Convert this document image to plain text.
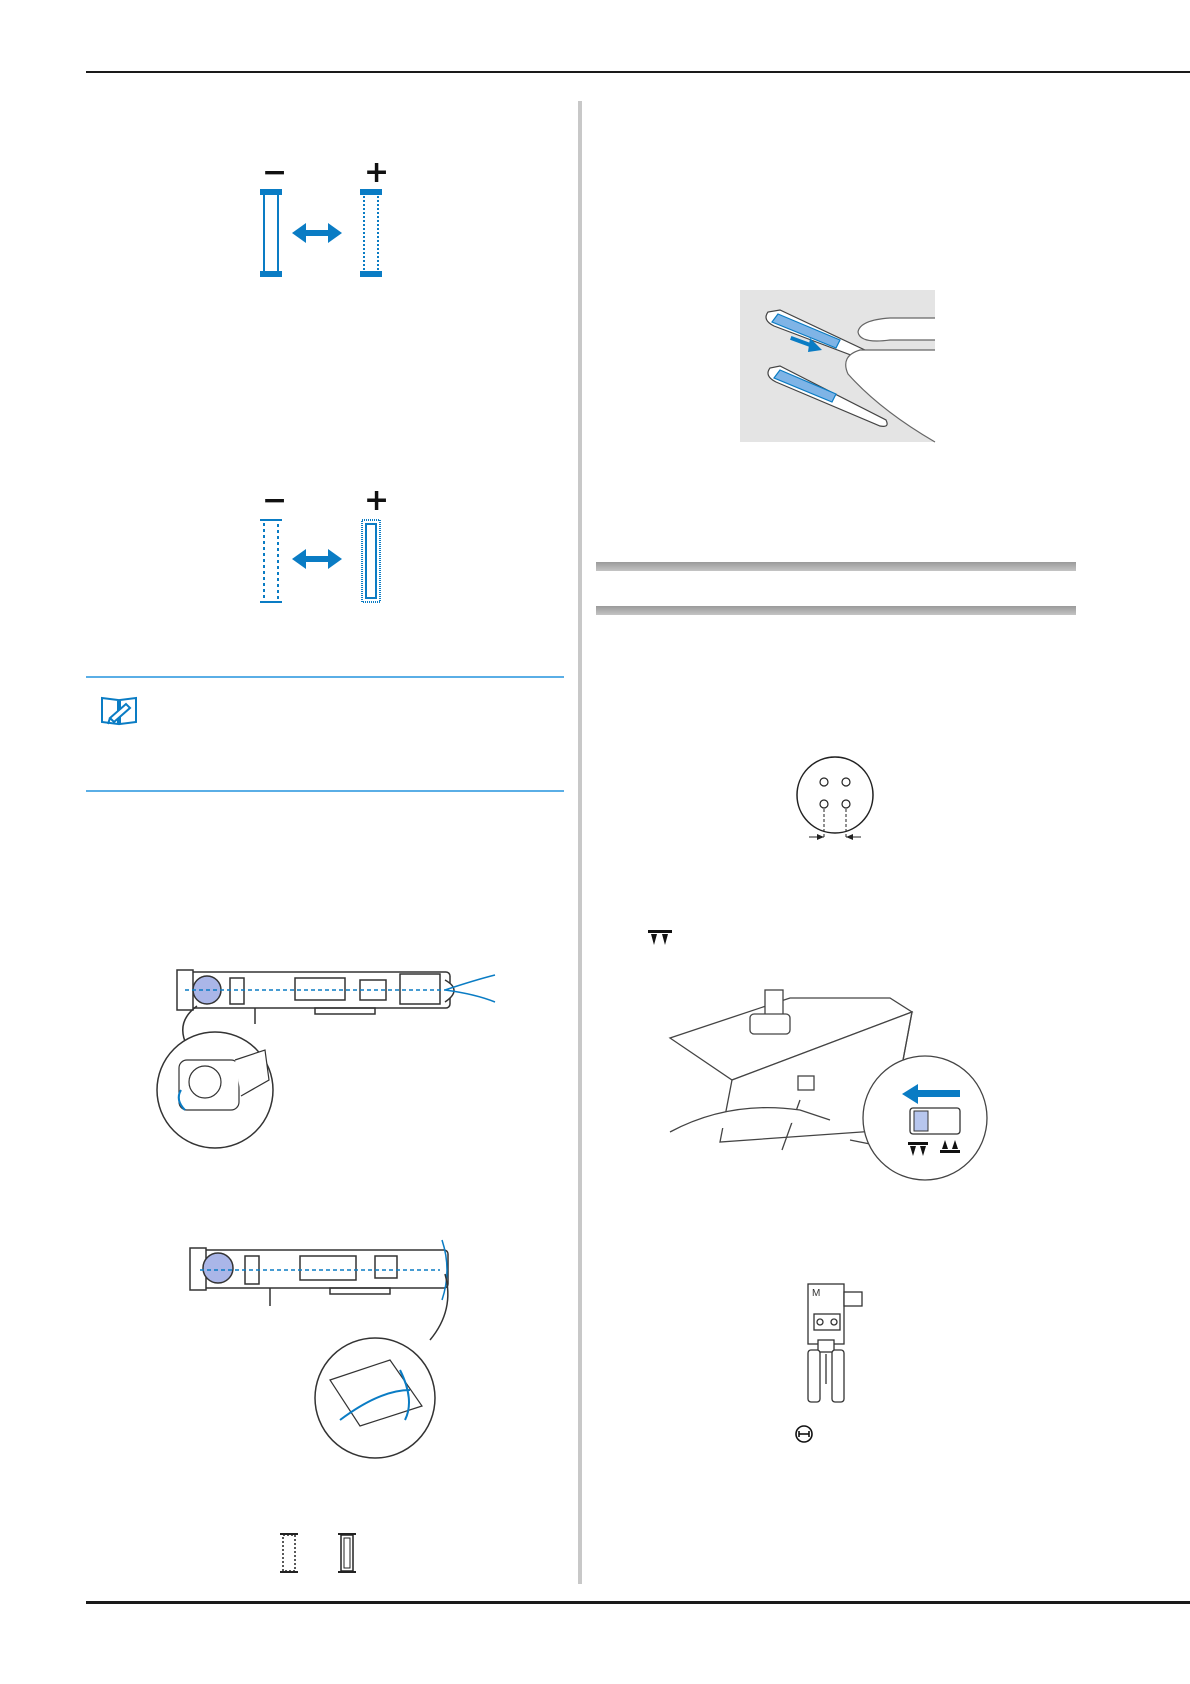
−	+
−	+
M
